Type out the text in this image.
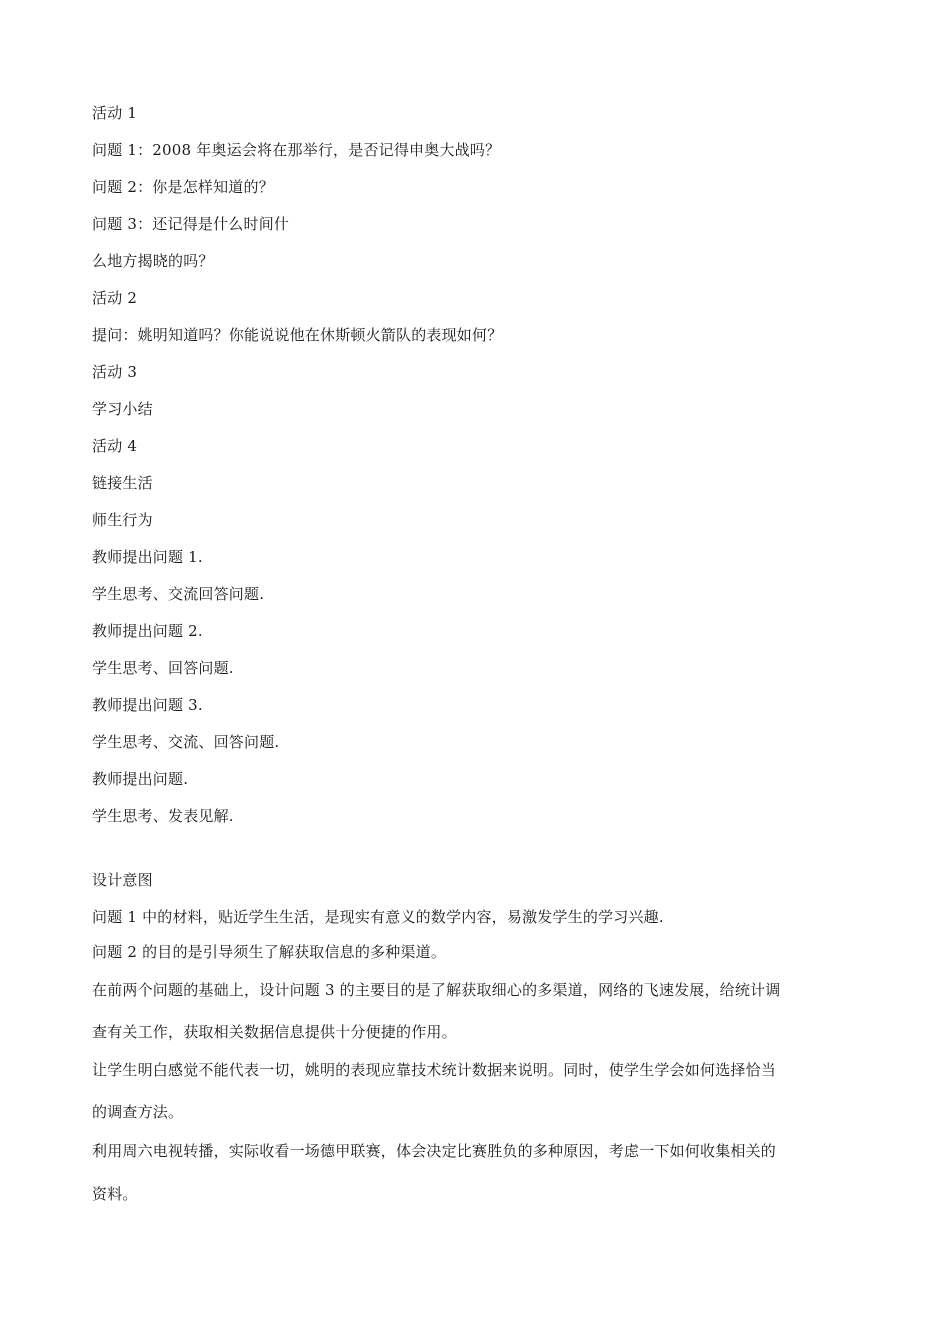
活动 1
问题 1：2008 年奥运会将在那举行，是否记得申奥大战吗？
问题 2：你是怎样知道的？
问题 3：还记得是什么时间什
么地方揭晓的吗？
活动 2
提问：姚明知道吗？你能说说他在休斯顿火箭队的表现如何？
活动 3
学习小结
活动 4
链接生活
师生行为
教师提出问题 1.
学生思考、交流回答问题.
教师提出问题 2.
学生思考、回答问题.
教师提出问题 3.
学生思考、交流、回答问题.
教师提出问题.
学生思考、发表见解.
设计意图
问题 1 中的材料，贴近学生生活，是现实有意义的数学内容，易激发学生的学习兴趣.
问题 2 的目的是引导须生了解获取信息的多种渠道。
在前两个问题的基础上，设计问题 3 的主要目的是了解获取细心的多渠道，网络的飞速发展，给统计调
查有关工作，获取相关数据信息提供十分便捷的作用。
让学生明白感觉不能代表一切，姚明的表现应靠技术统计数据来说明。同时，使学生学会如何选择恰当
的调查方法。
利用周六电视转播，实际收看一场德甲联赛，体会决定比赛胜负的多种原因，考虑一下如何收集相关的
资料。
